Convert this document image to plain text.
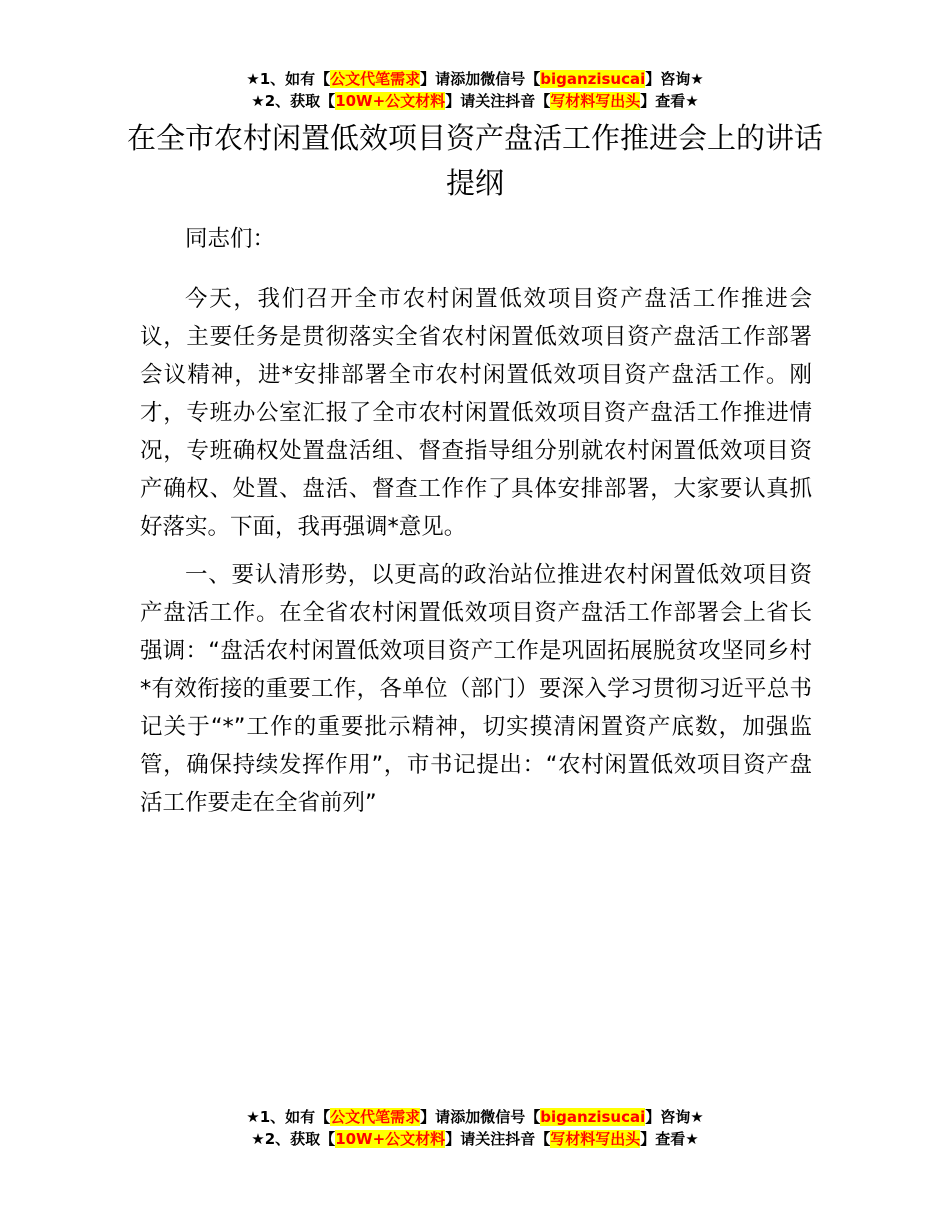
★1、如有【公文代笔需求】请添加微信号【biganzisucai】咨询★
★2、获取【10W+公文材料】请关注抖音【写材料写出头】查看★
在全市农村闲置低效项目资产盘活工作推进会上的讲话提纲

同志们：

今天，我们召开全市农村闲置低效项目资产盘活工作推进会议，主要任务是贯彻落实全省农村闲置低效项目资产盘活工作部署会议精神，进*安排部署全市农村闲置低效项目资产盘活工作。刚才，专班办公室汇报了全市农村闲置低效项目资产盘活工作推进情况，专班确权处置盘活组、督查指导组分别就农村闲置低效项目资产确权、处置、盘活、督查工作作了具体安排部署，大家要认真抓好落实。下面，我再强调*意见。

一、要认清形势，以更高的政治站位推进农村闲置低效项目资产盘活工作。在全省农村闲置低效项目资产盘活工作部署会上省长强调：“盘活农村闲置低效项目资产工作是巩固拓展脱贫攻坚同乡村*有效衔接的重要工作，各单位（部门）要深入学习贯彻习近平总书记关于“*”工作的重要批示精神，切实摸清闲置资产底数，加强监管，确保持续发挥作用”，市书记提出：“农村闲置低效项目资产盘活工作要走在全省前列”

★1、如有【公文代笔需求】请添加微信号【biganzisucai】咨询★
★2、获取【10W+公文材料】请关注抖音【写材料写出头】查看★
